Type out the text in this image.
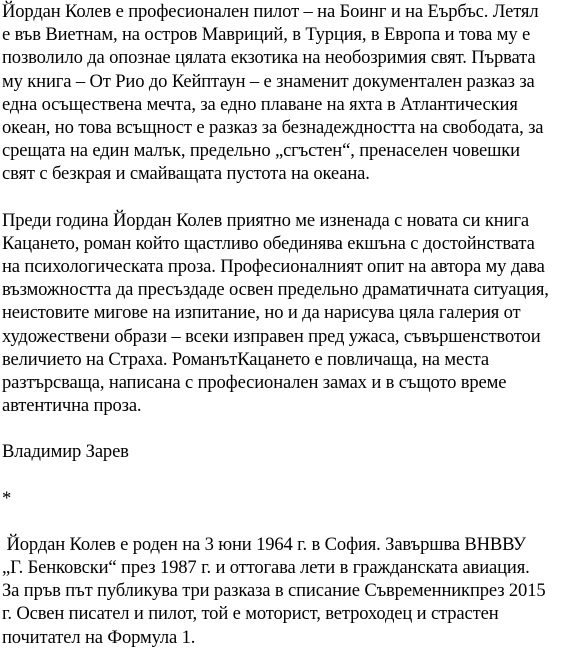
Йордан Колев е професионален пилот – на Боинг и на Еърбъс. Летял
е във Виетнам, на остров Мавриций, в Турция, в Европа и това му е
позволило да опознае цялата екзотика на необозримия свят. Първата
му книга – От Рио до Кейптаун – е знаменит документален разказ за
една осъществена мечта, за едно плаване на яхта в Атлантическия
океан, но това всъщност е разказ за безнадеждността на свободата, за
срещата на един малък, предельно „сгъстен“, пренаселен човешки
свят с безкрая и смайващата пустота на океана.
Преди година Йордан Колев приятно ме изненада с новата си книга
Кацането, роман който щастливо обединява екшъна с достойнствата
на психологическата проза. Професионалният опит на автора му дава
възможността да пресъздаде освен предельно драматичната ситуация,
неистовите мигове на изпитание, но и да нарисува цяла галерия от
художествени образи – всеки изправен пред ужаса, съвършенствотои
величието на Страха. РоманътКацането е повличаща, на места
разтърсваща, написана с професионален замах и в същото време
автентична проза.
Владимир Зарев
*
Йордан Колев е роден на 3 юни 1964 г. в София. Завършва ВНВВУ
„Г. Бенковски“ през 1987 г. и оттогава лети в гражданската авиация.
За пръв път публикува три разказа в списание Съвременникпрез 2015
г. Освен писател и пилот, той е моторист, ветроходец и страстен
почитател на Формула 1.
